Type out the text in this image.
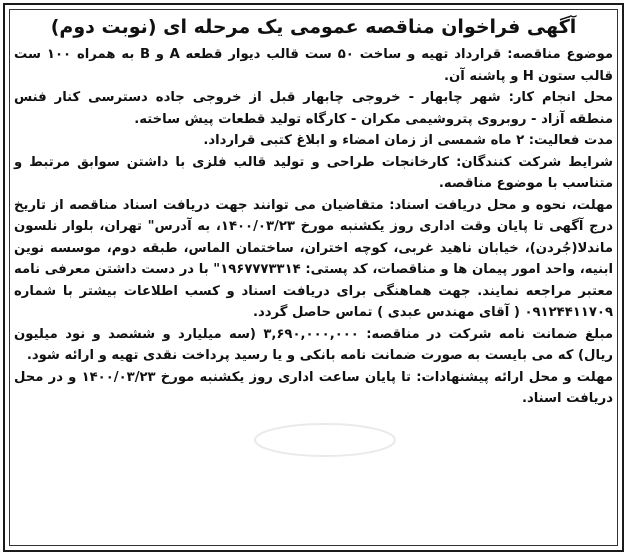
آگهی فراخوان مناقصه عمومی یک مرحله ای (نوبت دوم)

موضوع مناقصه: قرارداد تهیه و ساخت ۵۰ ست قالب دیوار قطعه A و B به همراه ۱۰۰ ست قالب ستون H و پاشنه آن.

محل انجام کار: شهر چابهار - خروجی چابهار قبل از خروجی جاده دسترسی کنار فنس منطقه آزاد - روبروی پتروشیمی مکران - کارگاه تولید قطعات پیش ساخته.

مدت فعالیت: ۲ ماه شمسی از زمان امضاء و ابلاغ کتبی قرارداد.

شرایط شرکت کنندگان: کارخانجات طراحی و تولید قالب فلزی با داشتن سوابق مرتبط و متناسب با موضوع مناقصه.

مهلت، نحوه و محل دریافت اسناد: متقاضیان می توانند جهت دریافت اسناد مناقصه از تاریخ درج آگهی تا پایان وقت اداری روز یکشنبه مورخ ۱۴۰۰/۰۳/۲۳، به آدرس" تهران، بلوار نلسون ماندلا(جُردن)، خیابان ناهید غربی، کوچه اختران، ساختمان الماس، طبقه دوم، موسسه نوین ابنیه، واحد امور پیمان ها و مناقصات، کد پستی: ۱۹۶۷۷۷۳۳۱۴" با در دست داشتن معرفی نامه معتبر مراجعه نمایند. جهت هماهنگی برای دریافت اسناد و کسب اطلاعات بیشتر با شماره ۰۹۱۲۴۴۱۱۷۰۹ ( آقای مهندس عبدی ) تماس حاصل گردد.

مبلغ ضمانت نامه شرکت در مناقصه: ۳,۶۹۰,۰۰۰,۰۰۰ (سه میلیارد و ششصد و نود میلیون ریال) که می بایست به صورت ضمانت نامه بانکی و یا رسید پرداخت نقدی تهیه و ارائه شود.

مهلت و محل ارائه پیشنهادات: تا پایان ساعت اداری روز یکشنبه مورخ ۱۴۰۰/۰۳/۲۳ و در محل دریافت اسناد.
